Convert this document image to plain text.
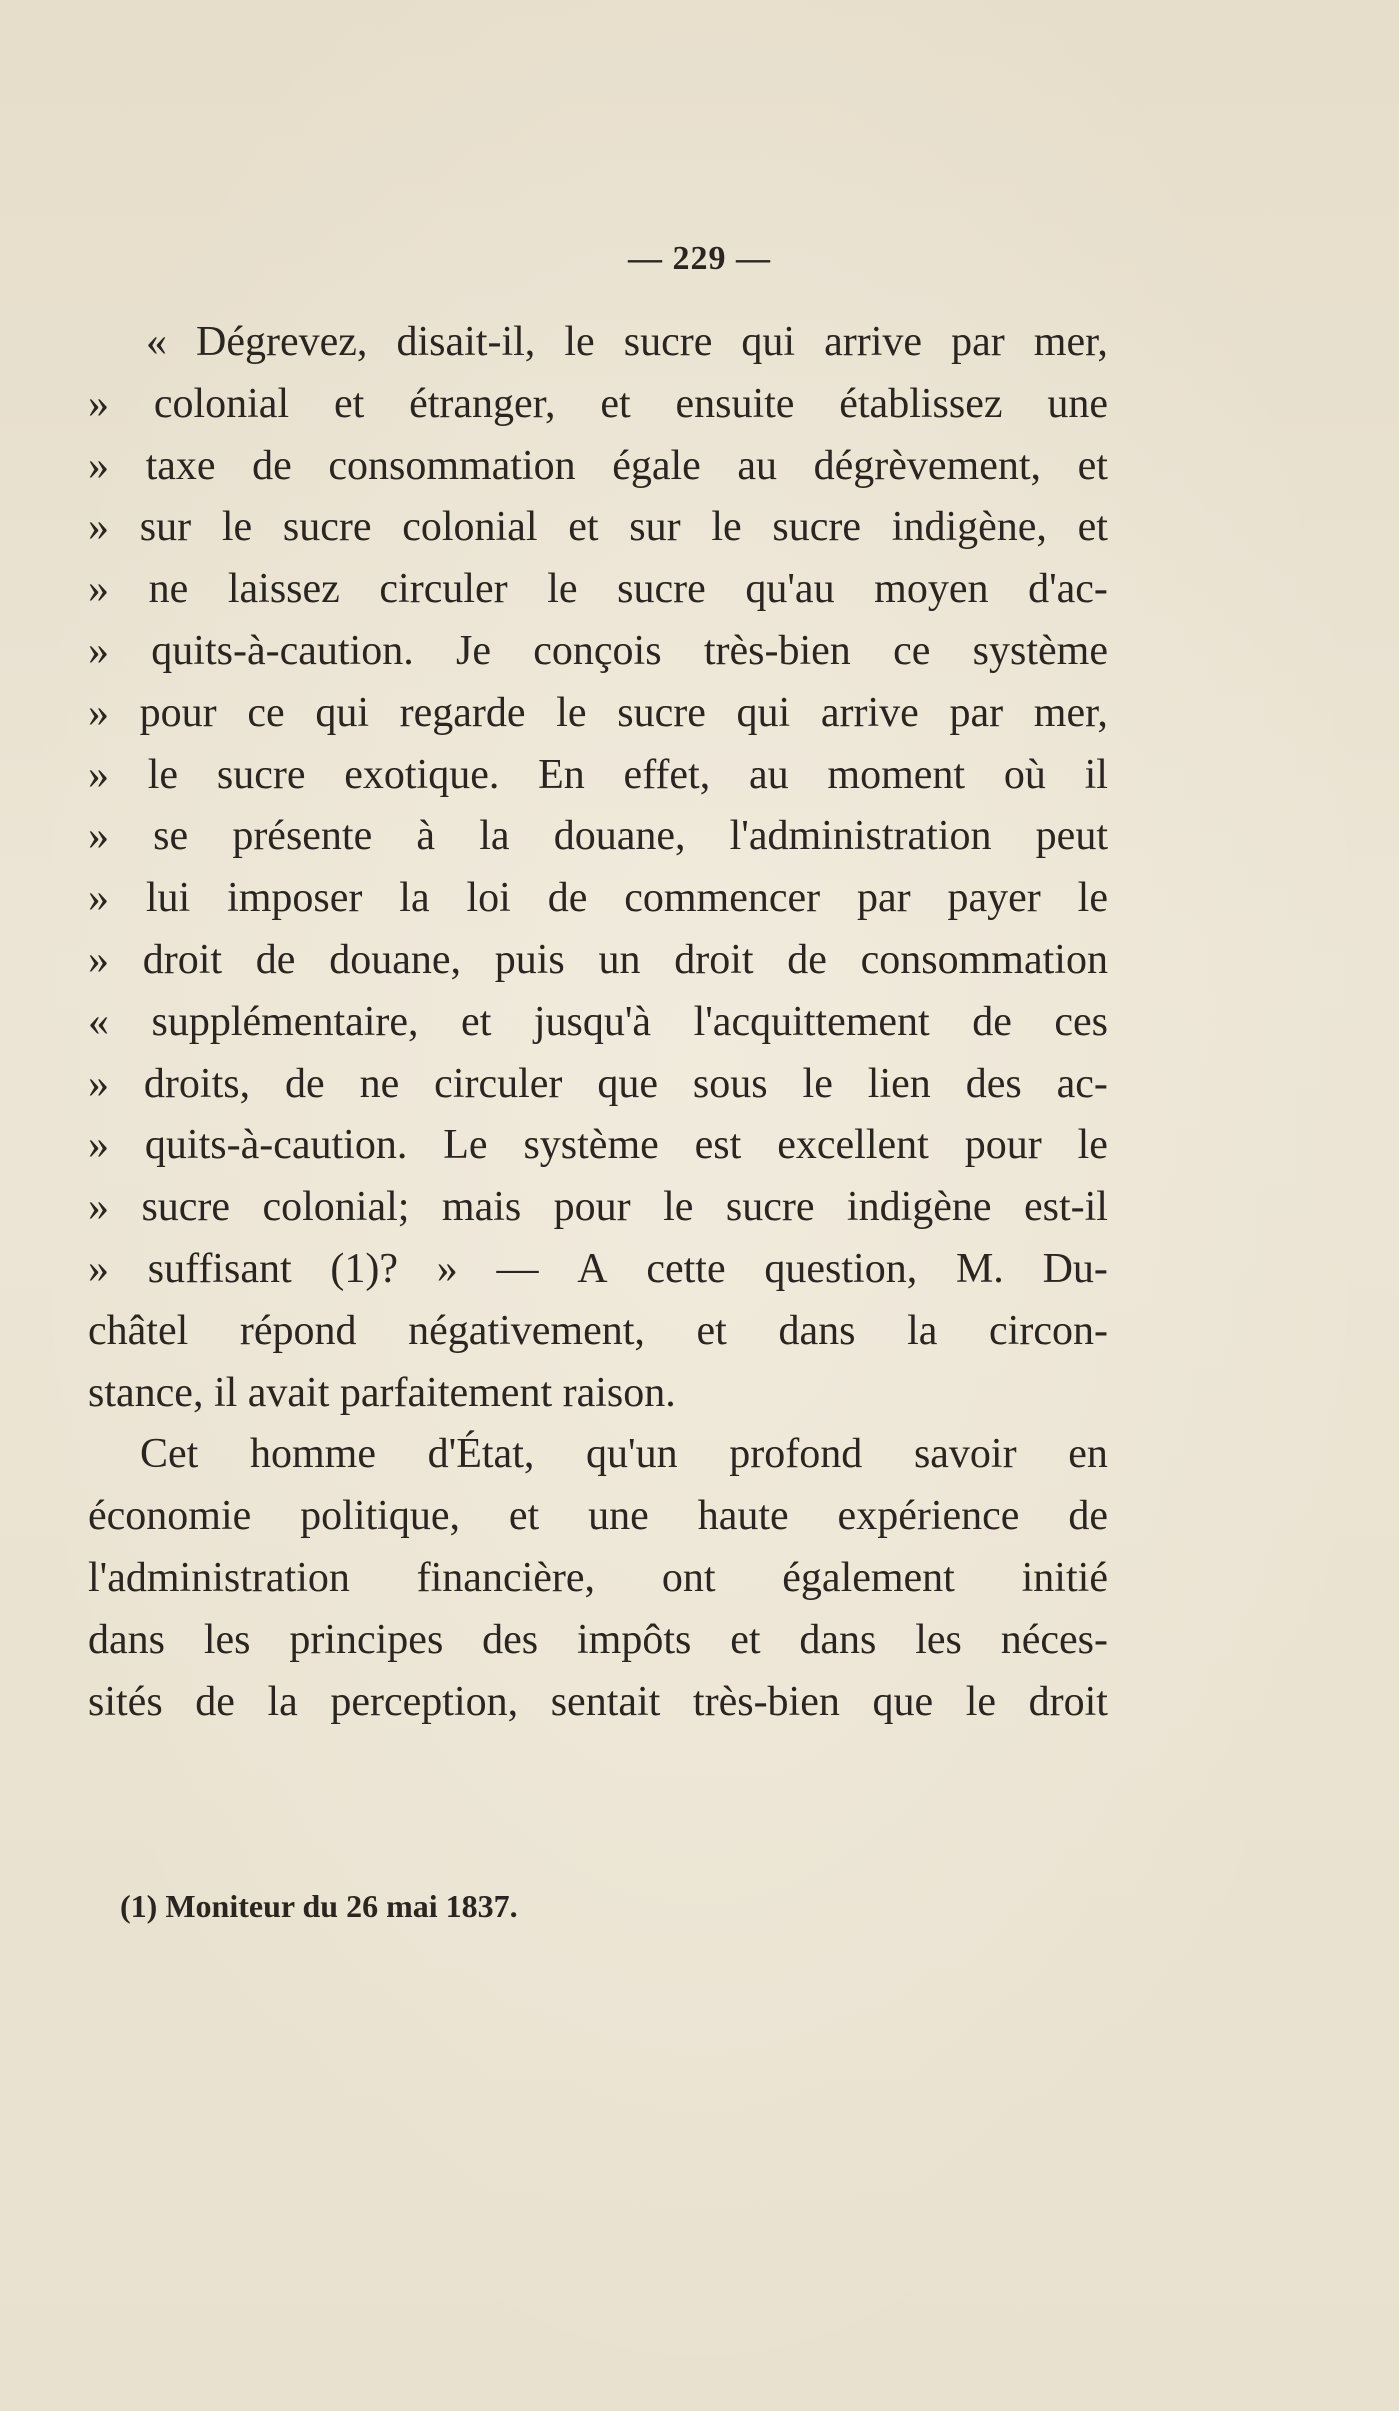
— 229 —
« Dégrevez, disait-il, le sucre qui arrive par mer,
» colonial et étranger, et ensuite établissez une
» taxe de consommation égale au dégrèvement, et
» sur le sucre colonial et sur le sucre indigène, et
» ne laissez circuler le sucre qu'au moyen d'ac-
» quits-à-caution. Je conçois très-bien ce système
» pour ce qui regarde le sucre qui arrive par mer,
» le sucre exotique. En effet, au moment où il
» se présente à la douane, l'administration peut
» lui imposer la loi de commencer par payer le
» droit de douane, puis un droit de consommation
« supplémentaire, et jusqu'à l'acquittement de ces
» droits, de ne circuler que sous le lien des ac-
» quits-à-caution. Le système est excellent pour le
» sucre colonial; mais pour le sucre indigène est-il
» suffisant (1)? » — A cette question, M. Du-
châtel répond négativement, et dans la circon-
stance, il avait parfaitement raison.
Cet homme d'État, qu'un profond savoir en
économie politique, et une haute expérience de
l'administration financière, ont également initié
dans les principes des impôts et dans les néces-
sités de la perception, sentait très-bien que le droit
(1) Moniteur du 26 mai 1837.
